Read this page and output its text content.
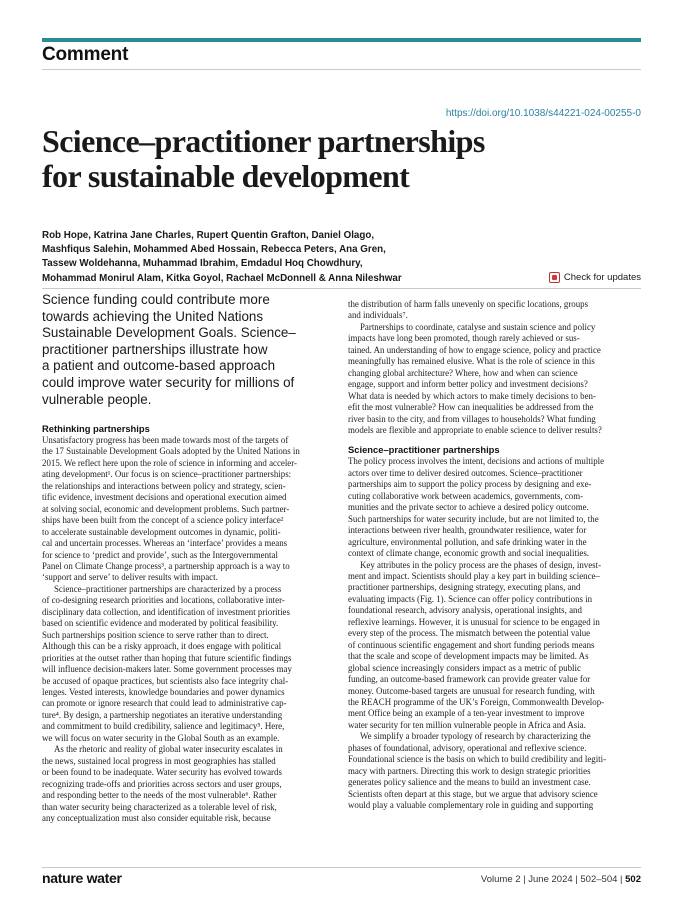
Comment
https://doi.org/10.1038/s44221-024-00255-0
Science–practitioner partnerships
for sustainable development
Rob Hope, Katrina Jane Charles, Rupert Quentin Grafton, Daniel Olago,
Mashfiqus Salehin, Mohammed Abed Hossain, Rebecca Peters, Ana Gren,
Tassew Woldehanna, Muhammad Ibrahim, Emdadul Hoq Chowdhury,
Mohammad Monirul Alam, Kitka Goyol, Rachael McDonnell & Anna Nileshwar	Check for updates
Science funding could contribute more
towards achieving the United Nations
Sustainable Development Goals. Science–
practitioner partnerships illustrate how
a patient and outcome-based approach
could improve water security for millions of
vulnerable people.
Rethinking partnerships
Unsatisfactory progress has been made towards most of the targets of
the 17 Sustainable Development Goals adopted by the United Nations in
2015. We reflect here upon the role of science in informing and acceler-
ating development¹. Our focus is on science–practitioner partnerships:
the relationships and interactions between policy and strategy, scien-
tific evidence, investment decisions and operational execution aimed
at solving social, economic and development problems. Such partner-
ships have been built from the concept of a science policy interface²
to accelerate sustainable development outcomes in dynamic, politi-
cal and uncertain processes. Whereas an ‘interface’ provides a means
for science to ‘predict and provide’, such as the Intergovernmental
Panel on Climate Change process³, a partnership approach is a way to
‘support and serve’ to deliver results with impact.
Science–practitioner partnerships are characterized by a process
of co-designing research priorities and locations, collaborative inter-
disciplinary data collection, and identification of investment priorities
based on scientific evidence and moderated by political feasibility.
Such partnerships position science to serve rather than to direct.
Although this can be a risky approach, it does engage with political
priorities at the outset rather than hoping that future scientific findings
will influence decision-makers later. Some government processes may
be accused of opaque practices, but scientists also face integrity chal-
lenges. Vested interests, knowledge boundaries and power dynamics
can promote or ignore research that could lead to administrative cap-
ture⁴. By design, a partnership negotiates an iterative understanding
and commitment to build credibility, salience and legitimacy⁵. Here,
we will focus on water security in the Global South as an example.
As the rhetoric and reality of global water insecurity escalates in
the news, sustained local progress in most geographies has stalled
or been found to be inadequate. Water security has evolved towards
recognizing trade-offs and priorities across sectors and user groups,
and responding better to the needs of the most vulnerable⁶. Rather
than water security being characterized as a tolerable level of risk,
any conceptualization must also consider equitable risk, because
the distribution of harm falls unevenly on specific locations, groups
and individuals⁷.
Partnerships to coordinate, catalyse and sustain science and policy
impacts have long been promoted, though rarely achieved or sus-
tained. An understanding of how to engage science, policy and practice
meaningfully has remained elusive. What is the role of science in this
changing global architecture? Where, how and when can science
engage, support and inform better policy and investment decisions?
What data is needed by which actors to make timely decisions to ben-
efit the most vulnerable? How can inequalities be addressed from the
river basin to the city, and from villages to households? What funding
models are flexible and appropriate to enable science to deliver results?
Science–practitioner partnerships
The policy process involves the intent, decisions and actions of multiple
actors over time to deliver desired outcomes. Science–practitioner
partnerships aim to support the policy process by designing and exe-
cuting collaborative work between academics, governments, com-
munities and the private sector to achieve a desired policy outcome.
Such partnerships for water security include, but are not limited to, the
interactions between river health, groundwater resilience, water for
agriculture, environmental pollution, and safe drinking water in the
context of climate change, economic growth and social inequalities.
Key attributes in the policy process are the phases of design, invest-
ment and impact. Scientists should play a key part in building science–
practitioner partnerships, designing strategy, executing plans, and
evaluating impacts (Fig. 1). Science can offer policy contributions in
foundational research, advisory analysis, operational insights, and
reflexive learnings. However, it is unusual for science to be engaged in
every step of the process. The mismatch between the potential value
of continuous scientific engagement and short funding periods means
that the scale and scope of development impacts may be limited. As
global science increasingly considers impact as a metric of public
funding, an outcome-based framework can provide greater value for
money. Outcome-based targets are unusual for research funding, with
the REACH programme of the UK’s Foreign, Commonwealth Develop-
ment Office being an example of a ten-year investment to improve
water security for ten million vulnerable people in Africa and Asia.
We simplify a broader typology of research by characterizing the
phases of foundational, advisory, operational and reflexive science.
Foundational science is the basis on which to build credibility and legiti-
macy with partners. Directing this work to design strategic priorities
generates policy salience and the means to build an investment case.
Scientists often depart at this stage, but we argue that advisory science
would play a valuable complementary role in guiding and supporting
nature water	Volume 2 | June 2024 | 502–504 | 502
